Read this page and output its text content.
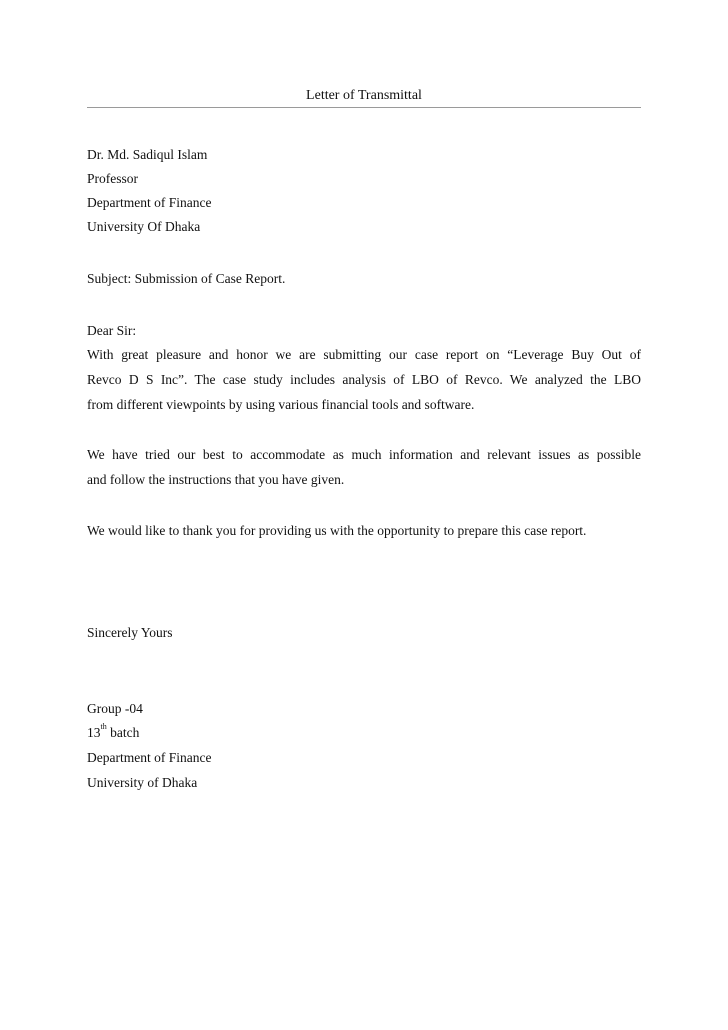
Letter of Transmittal
Dr. Md. Sadiqul Islam
Professor
Department of Finance
University Of Dhaka
Subject: Submission of Case Report.
Dear Sir:
With great pleasure and honor we are submitting our case report on “Leverage Buy Out of
Revco D S Inc”. The case study includes analysis of LBO of Revco. We analyzed the LBO
from different viewpoints by using various financial tools and software.
We have tried our best to accommodate as much information and relevant issues as possible
and follow the instructions that you have given.
We would like to thank you for providing us with the opportunity to prepare this case report.
Sincerely Yours
Group -04
13th batch
Department of Finance
University of Dhaka
